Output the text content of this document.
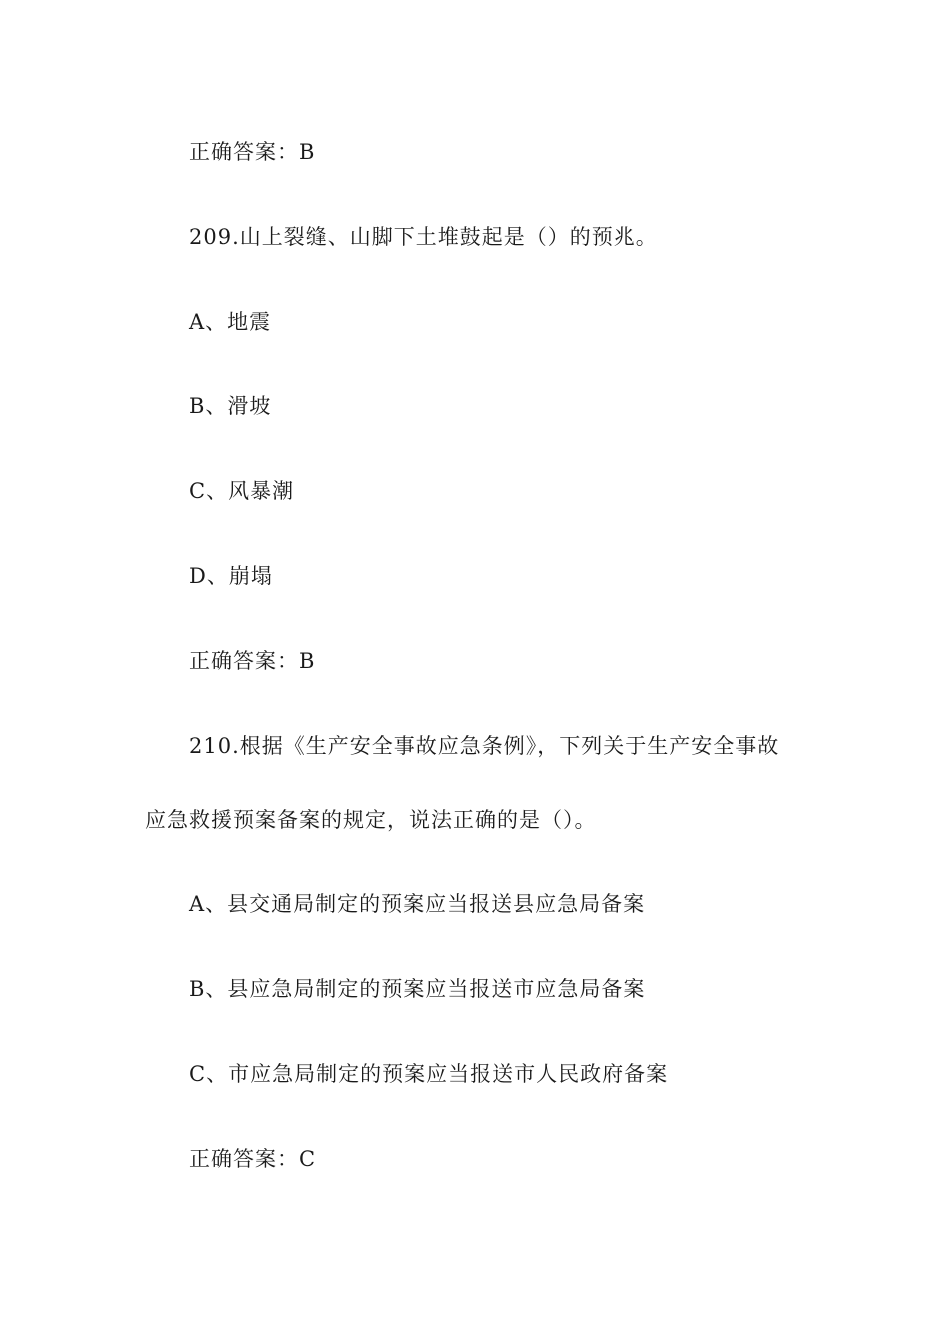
正确答案：B
209.山上裂缝、山脚下土堆鼓起是（）的预兆。
A、地震
B、滑坡
C、风暴潮
D、崩塌
正确答案：B
210.根据《生产安全事故应急条例》，下列关于生产安全事故
应急救援预案备案的规定，说法正确的是（）。
A、县交通局制定的预案应当报送县应急局备案
B、县应急局制定的预案应当报送市应急局备案
C、市应急局制定的预案应当报送市人民政府备案
正确答案：C
